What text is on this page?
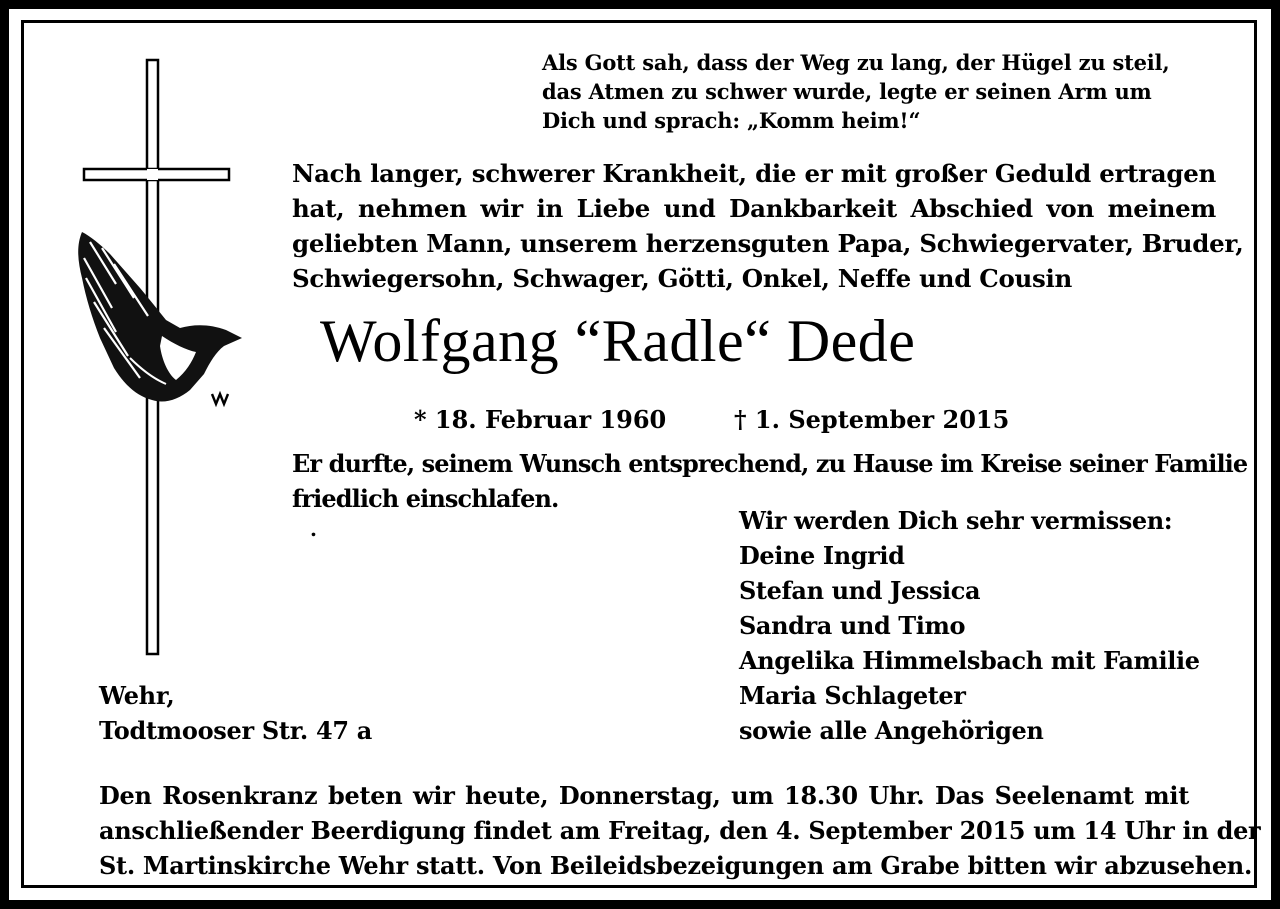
Als Gott sah, dass der Weg zu lang, der Hügel zu steil,
das Atmen zu schwer wurde, legte er seinen Arm um
Dich und sprach: „Komm heim!“
Nach langer, schwerer Krankheit, die er mit großer Geduld ertragen
hat, nehmen wir in Liebe und Dankbarkeit Abschied von meinem
geliebten Mann, unserem herzensguten Papa, Schwiegervater, Bruder,
Schwiegersohn, Schwager, Götti, Onkel, Neffe und Cousin
Wolfgang “Radle“ Dede
* 18. Februar 1960	† 1. September 2015
Er durfte, seinem Wunsch entsprechend, zu Hause im Kreise seiner Familie
friedlich einschlafen.
.	Wir werden Dich sehr vermissen:
Deine Ingrid
Stefan und Jessica
Sandra und Timo
Angelika Himmelsbach mit Familie
Maria Schlageter
sowie alle Angehörigen
Wehr,
Todtmooser Str. 47 a
Den Rosenkranz beten wir heute, Donnerstag, um 18.30 Uhr. Das Seelenamt mit
anschließender Beerdigung findet am Freitag, den 4. September 2015 um 14 Uhr in der
St. Martinskirche Wehr statt. Von Beileidsbezeigungen am Grabe bitten wir abzusehen.
